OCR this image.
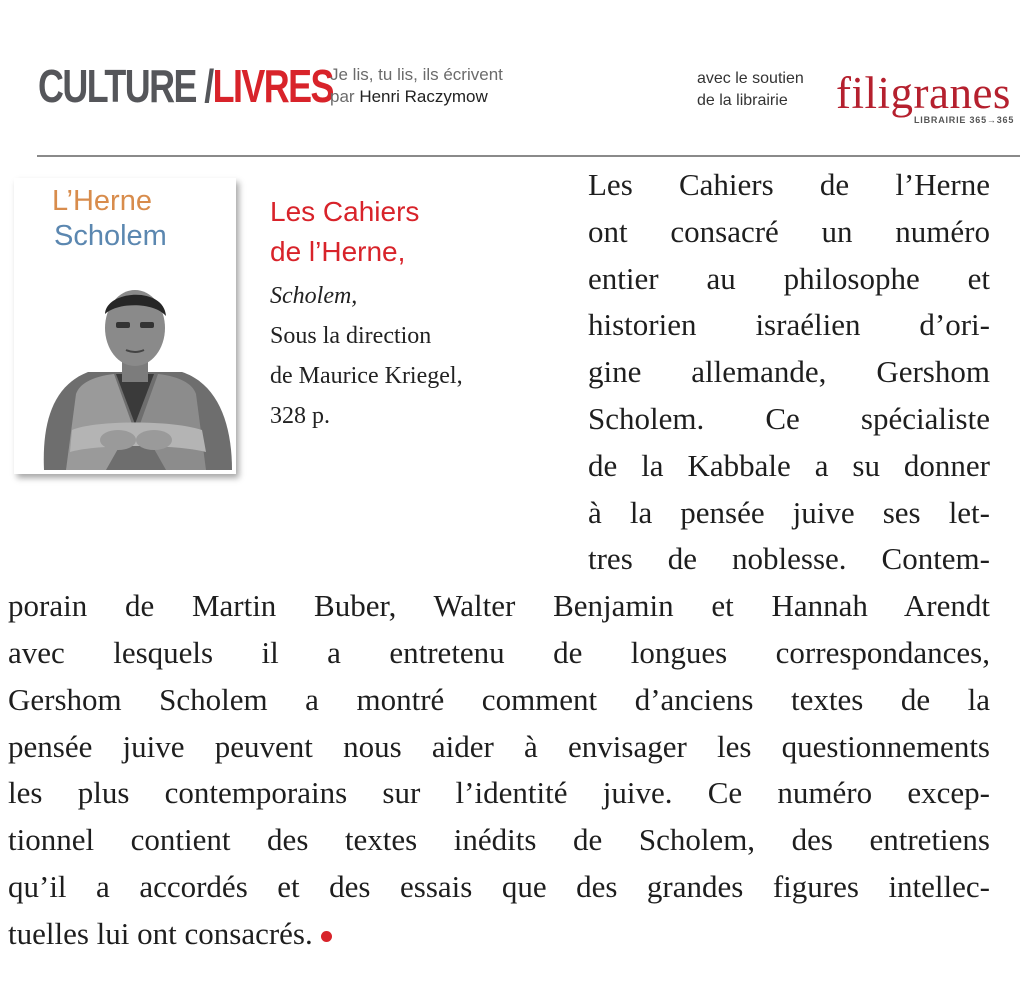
CULTURE /LIVRES
Je lis, tu lis, ils écrivent
par Henri Raczymow
avec le soutien
de la librairie	filigranes
LIBRAIRIE 365→365
L’Herne
Scholem
Les Cahiers
de l’Herne,
Scholem,
Sous la direction
de Maurice Kriegel,
328 p.
Les Cahiers de l’Herne
ont consacré un numéro
entier au philosophe et
historien israélien d’ori-
gine allemande, Gershom
Scholem. Ce spécialiste
de la Kabbale a su donner
à la pensée juive ses let-
tres de noblesse. Contem-
porain de Martin Buber, Walter Benjamin et Hannah Arendt
avec lesquels il a entretenu de longues correspondances,
Gershom Scholem a montré comment d’anciens textes de la
pensée juive peuvent nous aider à envisager les questionnements
les plus contemporains sur l’identité juive. Ce numéro excep-
tionnel contient des textes inédits de Scholem, des entretiens
qu’il a accordés et des essais que des grandes figures intellec-
tuelles lui ont consacrés.
